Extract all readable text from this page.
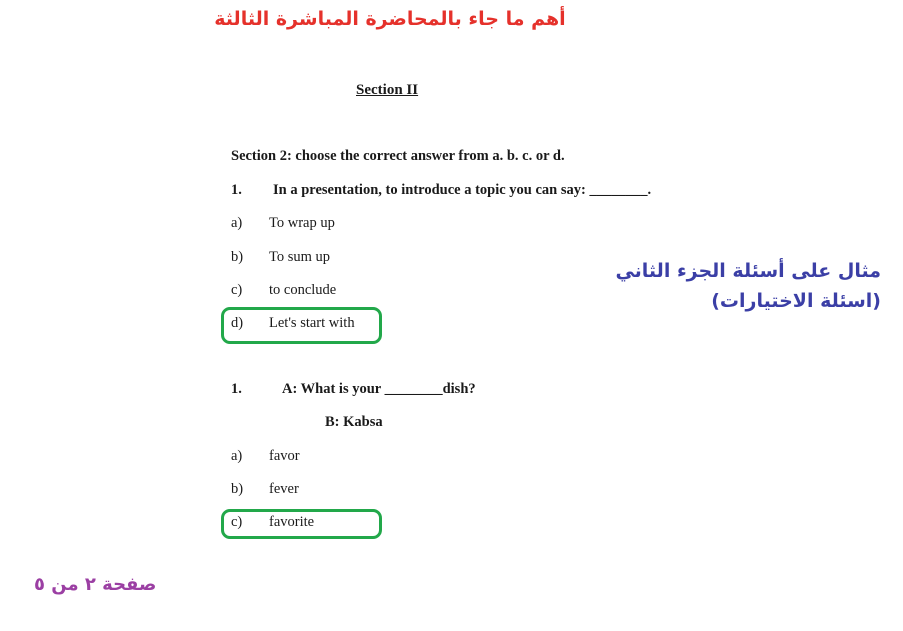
أهم ما جاء بالمحاضرة المباشرة الثالثة
Section II
Section 2: choose the correct answer from a. b. c. or d.
1. In a presentation, to introduce a topic you can say: ________.
a) To wrap up
b) To sum up
c) to conclude
d) Let's start with
1.	A: What is your ________dish?
B: Kabsa
a) favor
b) fever
c) favorite
مثال على أسئلة الجزء الثاني
(اسئلة الاختيارات)
صفحة ٢ من ٥
